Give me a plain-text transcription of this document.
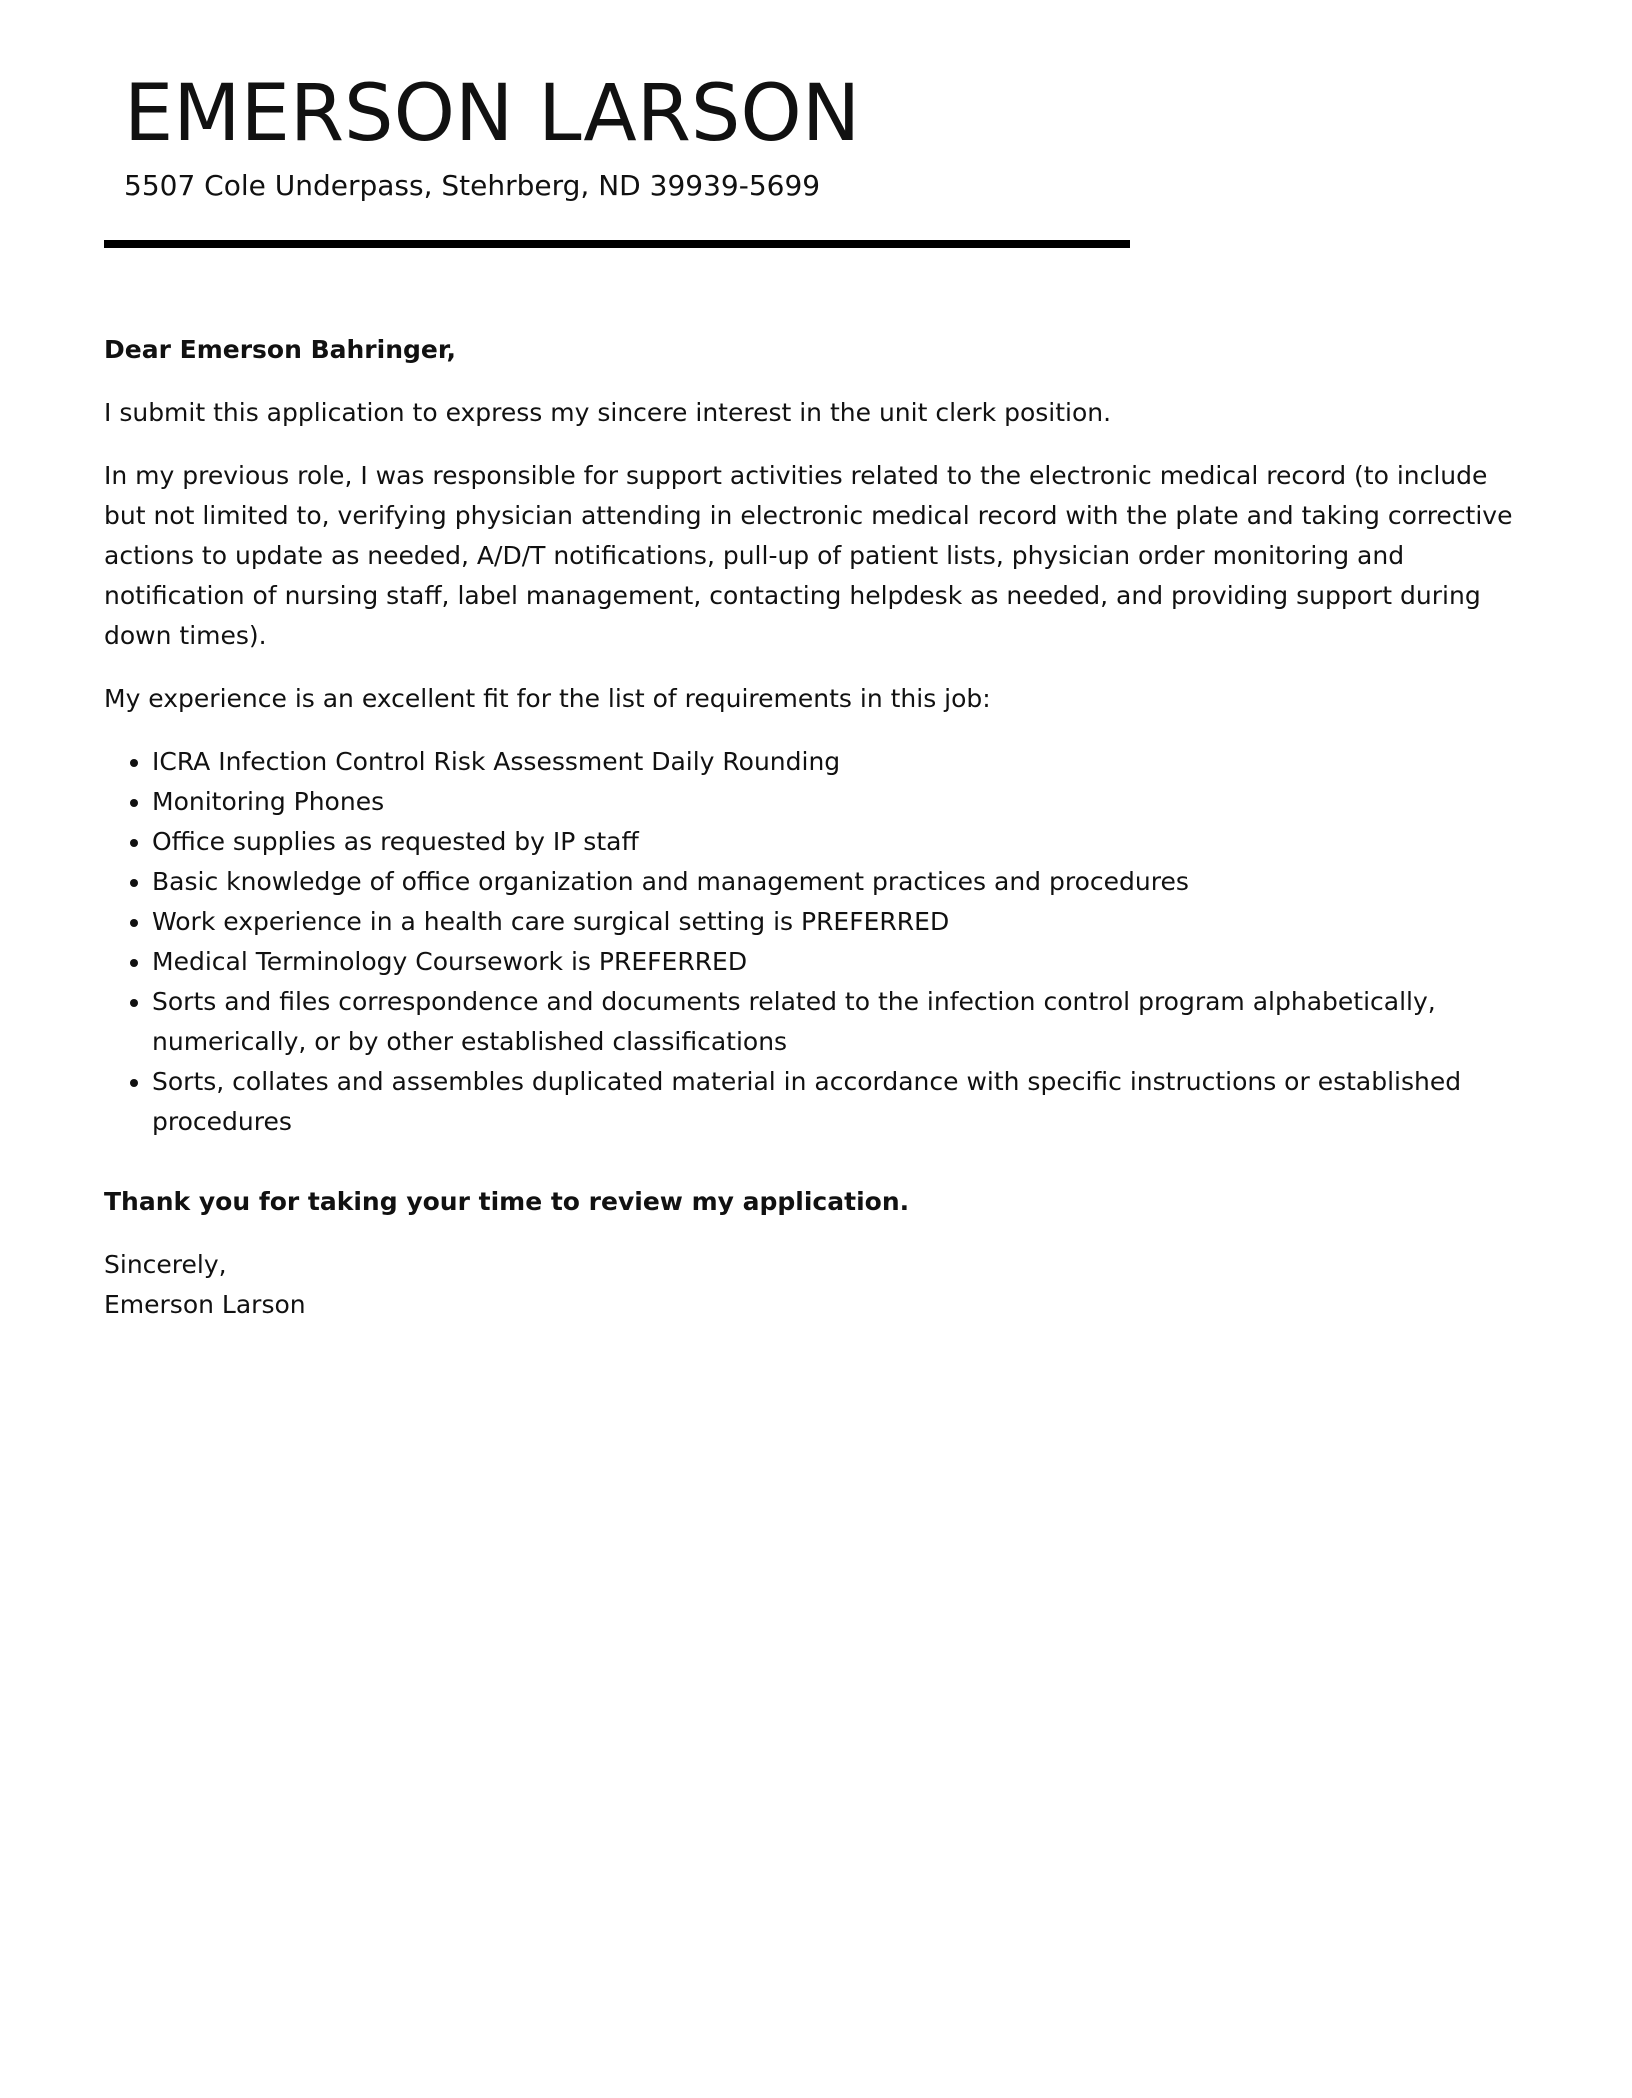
EMERSON LARSON
5507 Cole Underpass, Stehrberg, ND 39939-5699

Dear Emerson Bahringer,

I submit this application to express my sincere interest in the unit clerk position.

In my previous role, I was responsible for support activities related to the electronic medical record (to include but not limited to, verifying physician attending in electronic medical record with the plate and taking corrective actions to update as needed, A/D/T notifications, pull-up of patient lists, physician order monitoring and notification of nursing staff, label management, contacting helpdesk as needed, and providing support during down times).

My experience is an excellent fit for the list of requirements in this job:

• ICRA Infection Control Risk Assessment Daily Rounding
• Monitoring Phones
• Office supplies as requested by IP staff
• Basic knowledge of office organization and management practices and procedures
• Work experience in a health care surgical setting is PREFERRED
• Medical Terminology Coursework is PREFERRED
• Sorts and files correspondence and documents related to the infection control program alphabetically, numerically, or by other established classifications
• Sorts, collates and assembles duplicated material in accordance with specific instructions or established procedures

Thank you for taking your time to review my application.

Sincerely,
Emerson Larson
